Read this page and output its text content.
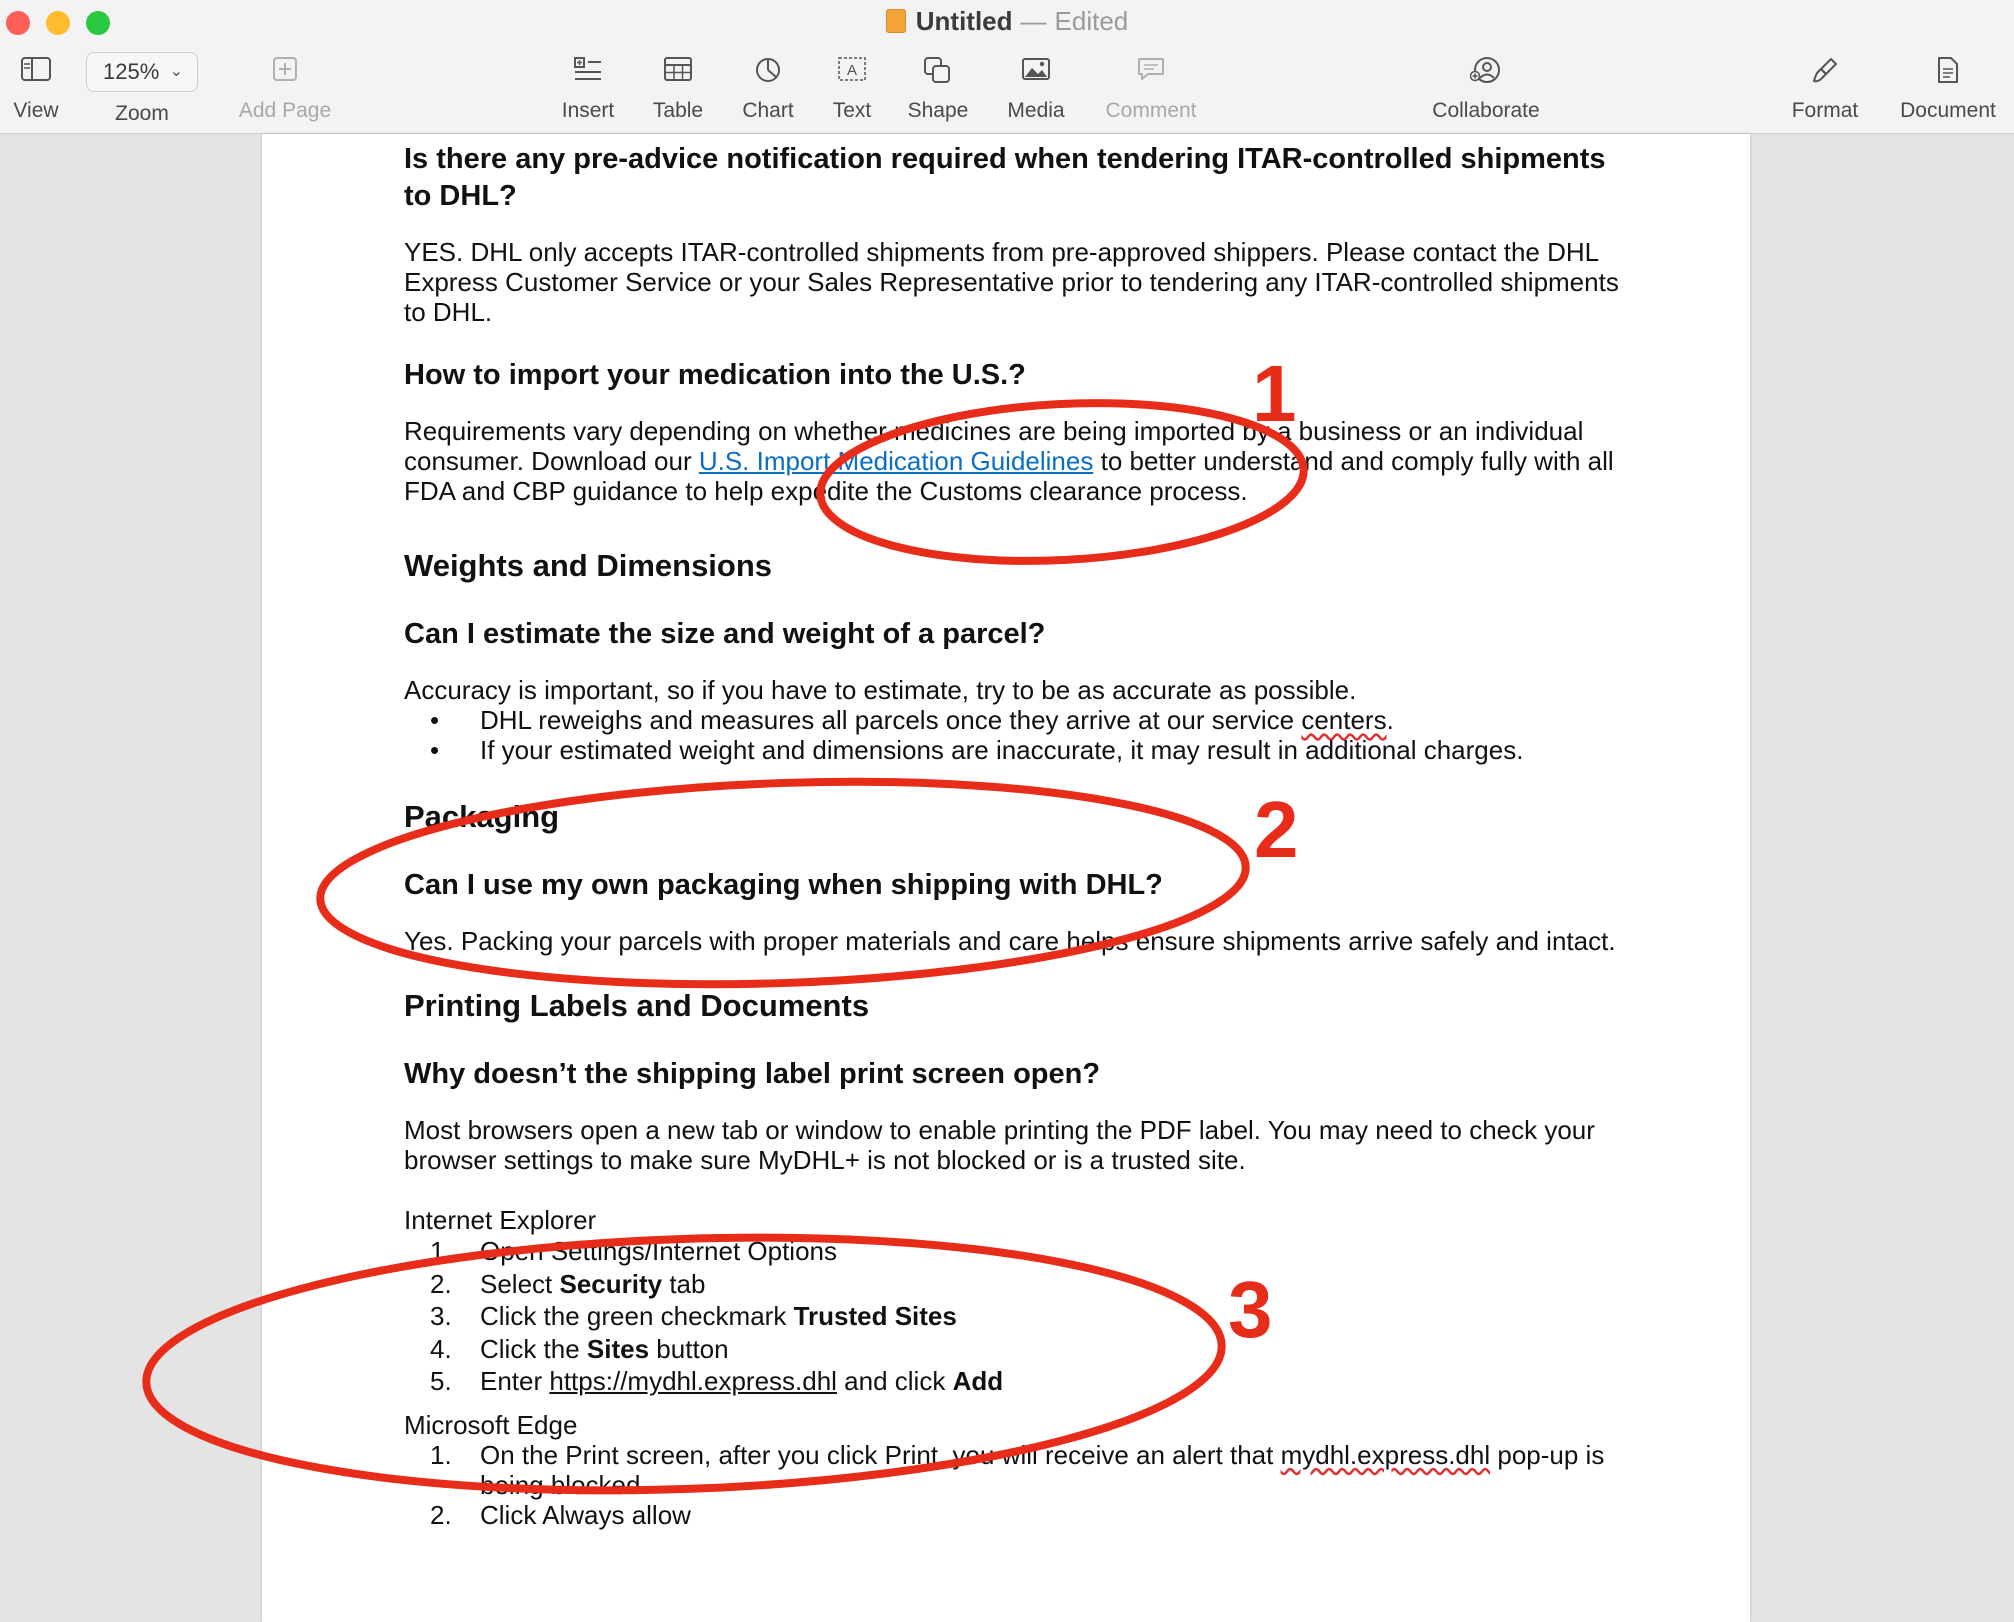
Untitled — Edited
View
125% ⌄
Zoom	Add Page	Insert	Table	Chart
A
Text	Shape	Media	Comment	Collaborate	Format	Document

Is there any pre-advice notification required when tendering ITAR-controlled shipments to DHL?

YES. DHL only accepts ITAR-controlled shipments from pre-approved shippers. Please contact the DHL Express Customer Service or your Sales Representative prior to tendering any ITAR-controlled shipments to DHL.

How to import your medication into the U.S.?

Requirements vary depending on whether medicines are being imported by a business or an individual consumer. Download our U.S. Import Medication Guidelines to better understand and comply fully with all FDA and CBP guidance to help expedite the Customs clearance process.

Weights and Dimensions

Can I estimate the size and weight of a parcel?

Accuracy is important, so if you have to estimate, try to be as accurate as possible.

• DHL reweighs and measures all parcels once they arrive at our service centers.
• If your estimated weight and dimensions are inaccurate, it may result in additional charges.

Packaging

Can I use my own packaging when shipping with DHL?

Yes. Packing your parcels with proper materials and care helps ensure shipments arrive safely and intact.

Printing Labels and Documents

Why doesn’t the shipping label print screen open?

Most browsers open a new tab or window to enable printing the PDF label. You may need to check your browser settings to make sure MyDHL+ is not blocked or is a trusted site.

Internet Explorer

1. Open Settings/Internet Options
2. Select Security tab
3. Click the green checkmark Trusted Sites
4. Click the Sites button
5. Enter https://mydhl.express.dhl and click Add

Microsoft Edge

1. On the Print screen, after you click Print, you will receive an alert that mydhl.express.dhl pop-up is being blocked.
2. Click Always allow
1
2
3
